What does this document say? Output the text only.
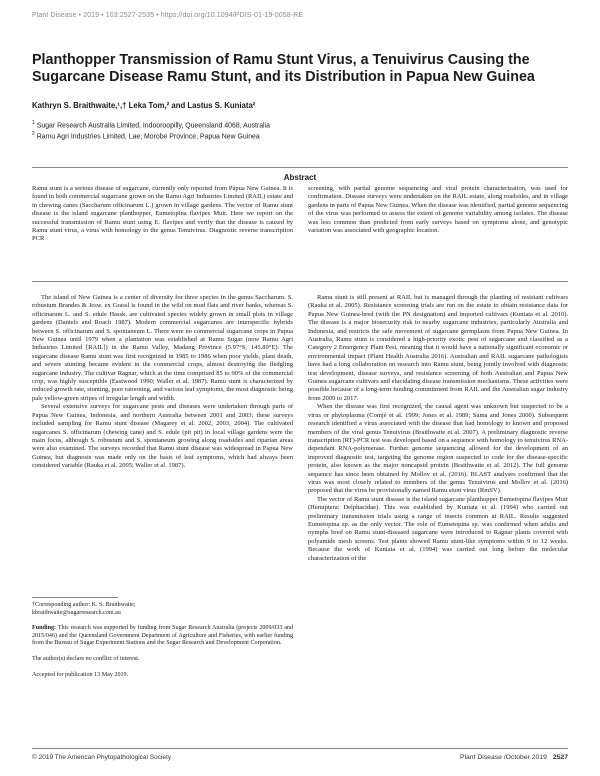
Plant Disease • 2019 • 103:2527-2535 • https://doi.org/10.1094/PDIS-01-19-0058-RE
Planthopper Transmission of Ramu Stunt Virus, a Tenuivirus Causing the Sugarcane Disease Ramu Stunt, and its Distribution in Papua New Guinea
Kathryn S. Braithwaite,¹,† Leka Tom,² and Lastus S. Kuniata²
$^1$ Sugar Research Australia Limited, Indooroopilly, Queensland 4068, Australia
$^2$ Ramu Agri Industries Limited, Lae, Morobe Province, Papua New Guinea
Abstract

Ramu stunt is a serious disease of sugarcane, currently only reported from Papua New Guinea. It is found in both commercial sugarcane grown on the Ramu Agri Industries Limited (RAIL) estate and in chewing canes (Saccharum officinarum L.) grown in village gardens. The vector of Ramu stunt disease is the island sugarcane planthopper, Eumetopina flavipes Muir. Here we report on the successful transmission of Ramu stunt using E. flavipes and verify that the disease is caused by Ramu stunt virus, a virus with homology to the genus Tenuivirus. Diagnostic reverse transcription PCR

screening, with partial genome sequencing and viral protein characterization, was used for confirmation. Disease surveys were undertaken on the RAIL estate, along roadsides, and in village gardens in parts of Papua New Guinea. When the disease was identified, partial genome sequencing of the virus was performed to assess the extent of genome variability among isolates. The disease was less common than predicted from early surveys based on symptoms alone, and genotypic variation was associated with geographic location.

The island of New Guinea is a center of diversity for three species in the genus Saccharum. S. robustum Brandes & Jesw. ex Grassl is found in the wild on mud flats and river banks, whereas S. officinarum L. and S. edule Hassk. are cultivated species widely grown in small plots in village gardens (Daniels and Roach 1987). Modern commercial sugarcanes are interspecific hybrids between S. officinarum and S. spontaneum L. There were no commercial sugarcane crops in Papua New Guinea until 1979 when a plantation was established at Ramu Sugar (now Ramu Agri Industries Limited [RAIL]) in the Ramu Valley, Madang Province (5.97°S, 145.89°E). The sugarcane disease Ramu stunt was first recognized in 1985 to 1986 when poor yields, plant death, and severe stunting became evident in the commercial crops, almost destroying the fledgling sugarcane industry. The cultivar Ragnar, which at the time comprised 85 to 90% of the commercial crop, was highly susceptible (Eastwood 1990; Waller et al. 1987). Ramu stunt is characterized by reduced growth rate, stunting, poor ratooning, and various leaf symptoms, the most diagnostic being pale yellow-green stripes of irregular length and width.

Several extensive surveys for sugarcane pests and diseases were undertaken through parts of Papua New Guinea, Indonesia, and northern Australia between 2001 and 2003; these surveys included sampling for Ramu stunt disease (Magarey et al. 2002, 2003, 2004). The cultivated sugarcanes S. officinarum (chewing cane) and S. edule (pit pit) in local village gardens were the main focus, although S. robustum and S. spontaneum growing along roadsides and riparian areas were also examined. The surveys recorded that Ramu stunt disease was widespread in Papua New Guinea, but diagnosis was made only on the basis of leaf symptoms, which had always been considered variable (Rauka et al. 2005; Waller et al. 1987).

†Corresponding author: K. S. Braithwaite;

kbraithwaite@sugarresearch.com.au

Funding: This research was supported by funding from Sugar Research Australia (projects 2009/033 and 2015/046) and the Queensland Government Department of Agriculture and Fisheries, with earlier funding from the Bureau of Sugar Experiment Stations and the Sugar Research and Development Corporation.

The author(s) declare no conflict of interest.

Accepted for publication 13 May 2019.

Ramu stunt is still present at RAIL but is managed through the planting of resistant cultivars (Rauka et al. 2005). Resistance screening trials are run on the estate to obtain resistance data for Papua New Guinea-bred (with the PN designation) and imported cultivars (Kuniata et al. 2010). The disease is a major biosecurity risk to nearby sugarcane industries, particularly Australia and Indonesia, and restricts the safe movement of sugarcane germplasm from Papua New Guinea. In Australia, Ramu stunt is considered a high-priority exotic pest of sugarcane and classified as a Category 2 Emergency Plant Pest, meaning that it would have a nationally significant economic or environmental impact (Plant Health Australia 2016). Australian and RAIL sugarcane pathologists have had a long collaboration on research into Ramu stunt, being jointly involved with diagnostic test development, disease surveys, and resistance screening of both Australian and Papua New Guinea sugarcane cultivars and elucidating disease transmission mechanisms. These activities were possible because of a long-term funding commitment from RAIL and the Australian sugar industry from 2009 to 2017.

When the disease was first recognized, the causal agent was unknown but suspected to be a virus or phytoplasma (Comjé et al. 1999; Jones et al. 1989; Suma and Jones 2000). Subsequent research identified a virus associated with the disease that had homology to known and proposed members of the viral genus Tenuivirus (Braithwaite et al. 2007). A preliminary diagnostic reverse transcription (RT)-PCR test was developed based on a sequence with homology to tenuivirus RNA-dependant RNA-polymerase. Further genome sequencing allowed for the development of an improved diagnostic test, targeting the genome region suspected to code for the disease-specific protein, also known as the major noncapsid protein (Braithwaite et al. 2012). The full genome sequence has since been obtained by Mollov et al. (2016). BLAST analyses confirmed that the virus was most closely related to members of the genus Tenuivirus and Mollov et al. (2016) proposed that the virus be provisionally named Ramu stunt virus (RmSV).

The vector of Ramu stunt disease is the island sugarcane planthopper Eumetopina flavipes Muir (Hemiptera: Delphacidae). This was established by Kuniata et al. (1994) who carried out preliminary transmission trials using a range of insects common at RAIL. Results suggested Eumetopina sp. as the only vector. The role of Eumetopina sp. was confirmed when adults and nymphs bred on Ramu stunt-diseased sugarcane were introduced to Ragnar plants covered with polyamide mesh screens. Test plants showed Ramu stunt-like symptoms within 9 to 12 weeks. Because the work of Kuniata et al. (1994) was carried out long before the molecular characterization of the

© 2019 The American Phytopathological Society	Plant Disease /October 2019 2527
